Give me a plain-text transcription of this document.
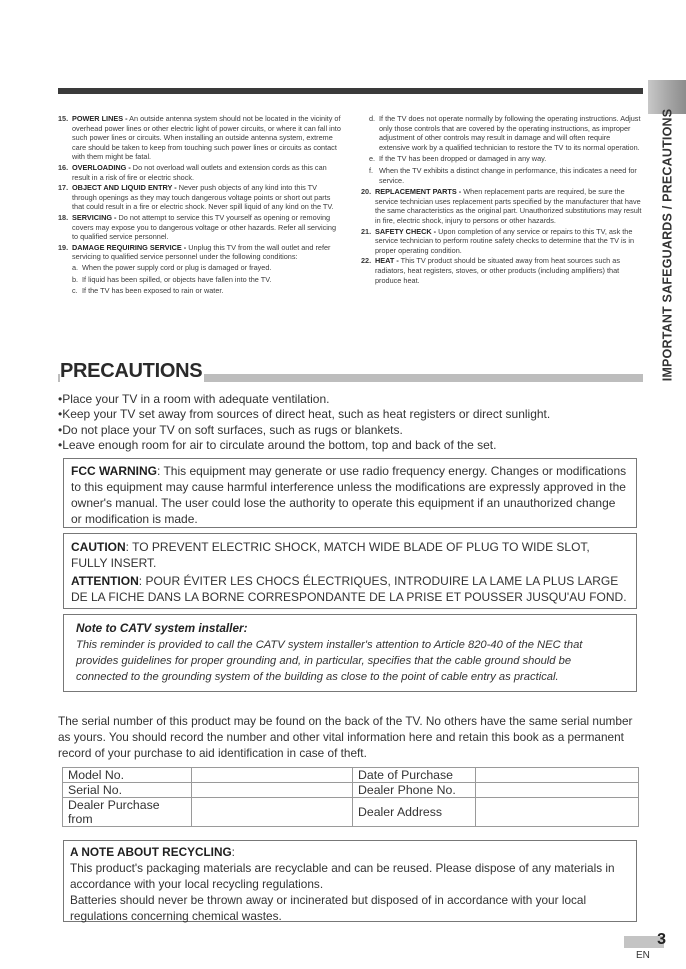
IMPORTANT SAFEGUARDS / PRECAUTIONS
15. POWER LINES - An outside antenna system should not be located in the vicinity of overhead power lines or other electric light of power circuits, or where it can fall into such power lines or circuits. When installing an outside antenna system, extreme care should be taken to keep from touching such power lines or circuits as contact with them might be fatal.
16. OVERLOADING - Do not overload wall outlets and extension cords as this can result in a risk of fire or electric shock.
17. OBJECT AND LIQUID ENTRY - Never push objects of any kind into this TV through openings as they may touch dangerous voltage points or short out parts that could result in a fire or electric shock. Never spill liquid of any kind on the TV.
18. SERVICING - Do not attempt to service this TV yourself as opening or removing covers may expose you to dangerous voltage or other hazards. Refer all servicing to qualified service personnel.
19. DAMAGE REQUIRING SERVICE - Unplug this TV from the wall outlet and refer servicing to qualified service personnel under the following conditions:
a. When the power supply cord or plug is damaged or frayed.
b. If liquid has been spilled, or objects have fallen into the TV.
c. If the TV has been exposed to rain or water.
d. If the TV does not operate normally by following the operating instructions. Adjust only those controls that are covered by the operating instructions, as improper adjustment of other controls may result in damage and will often require extensive work by a qualified technician to restore the TV to its normal operation.
e. If the TV has been dropped or damaged in any way.
f. When the TV exhibits a distinct change in performance, this indicates a need for service.
20. REPLACEMENT PARTS - When replacement parts are required, be sure the service technician uses replacement parts specified by the manufacturer that have the same characteristics as the original part. Unauthorized substitutions may result in fire, electric shock, injury to persons or other hazards.
21. SAFETY CHECK - Upon completion of any service or repairs to this TV, ask the service technician to perform routine safety checks to determine that the TV is in proper operating condition.
22. HEAT - This TV product should be situated away from heat sources such as radiators, heat registers, stoves, or other products (including amplifiers) that produce heat.
PRECAUTIONS
• Place your TV in a room with adequate ventilation.
• Keep your TV set away from sources of direct heat, such as heat registers or direct sunlight.
• Do not place your TV on soft surfaces, such as rugs or blankets.
• Leave enough room for air to circulate around the bottom, top and back of the set.
FCC WARNING: This equipment may generate or use radio frequency energy. Changes or modifications to this equipment may cause harmful interference unless the modifications are expressly approved in the owner's manual. The user could lose the authority to operate this equipment if an unauthorized change or modification is made.

CAUTION: TO PREVENT ELECTRIC SHOCK, MATCH WIDE BLADE OF PLUG TO WIDE SLOT, FULLY INSERT.

ATTENTION: POUR ÉVITER LES CHOCS ÉLECTRIQUES, INTRODUIRE LA LAME LA PLUS LARGE DE LA FICHE DANS LA BORNE CORRESPONDANTE DE LA PRISE ET POUSSER JUSQU'AU FOND.

Note to CATV system installer:
This reminder is provided to call the CATV system installer's attention to Article 820-40 of the NEC that provides guidelines for proper grounding and, in particular, specifies that the cable ground should be connected to the grounding system of the building as close to the point of cable entry as practical.
The serial number of this product may be found on the back of the TV. No others have the same serial number as yours. You should record the number and other vital information here and retain this book as a permanent record of your purchase to aid identification in case of theft.
Model No.		Date of Purchase	
Serial No.		Dealer Phone No.	
Dealer Purchase from		Dealer Address	

A NOTE ABOUT RECYCLING:

This product's packaging materials are recyclable and can be reused. Please dispose of any materials in accordance with your local recycling regulations.

Batteries should never be thrown away or incinerated but disposed of in accordance with your local regulations concerning chemical wastes.

3
EN
